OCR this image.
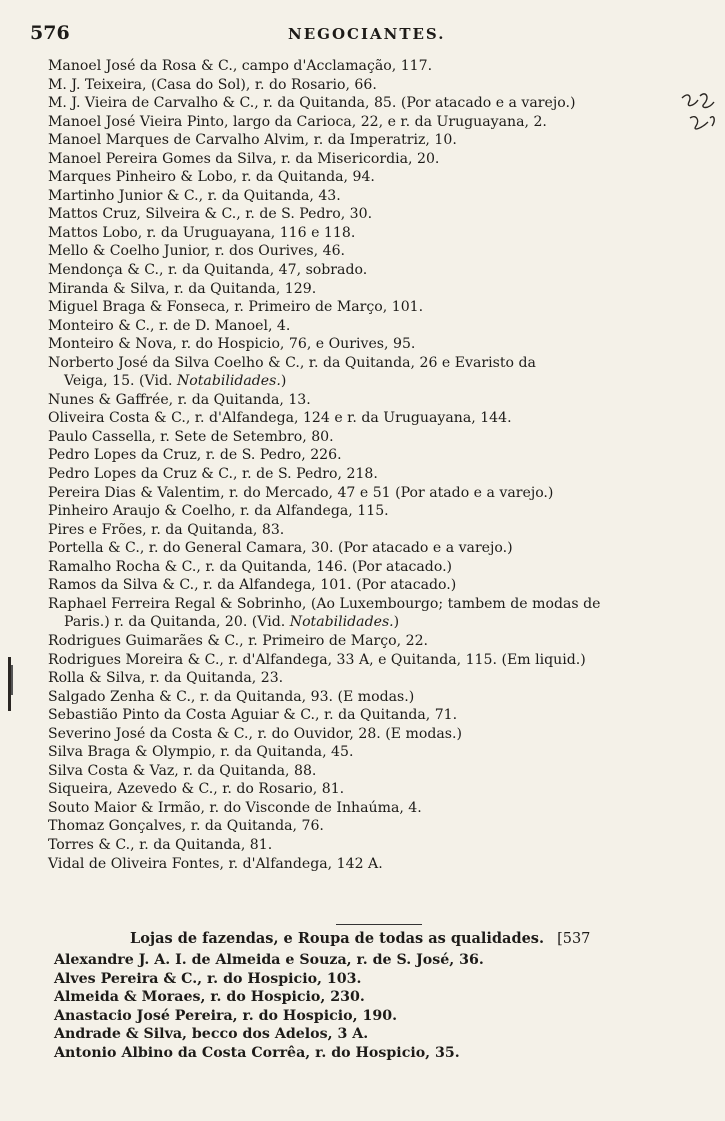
576	NEGOCIANTES.
Manoel José da Rosa & C., campo d'Acclamação, 117.
M. J. Teixeira, (Casa do Sol), r. do Rosario, 66.
M. J. Vieira de Carvalho & C., r. da Quitanda, 85. (Por atacado e a varejo.)
Manoel José Vieira Pinto, largo da Carioca, 22, e r. da Uruguayana, 2.
Manoel Marques de Carvalho Alvim, r. da Imperatriz, 10.
Manoel Pereira Gomes da Silva, r. da Misericordia, 20.
Marques Pinheiro & Lobo, r. da Quitanda, 94.
Martinho Junior & C., r. da Quitanda, 43.
Mattos Cruz, Silveira & C., r. de S. Pedro, 30.
Mattos Lobo, r. da Uruguayana, 116 e 118.
Mello & Coelho Junior, r. dos Ourives, 46.
Mendonça & C., r. da Quitanda, 47, sobrado.
Miranda & Silva, r. da Quitanda, 129.
Miguel Braga & Fonseca, r. Primeiro de Março, 101.
Monteiro & C., r. de D. Manoel, 4.
Monteiro & Nova, r. do Hospicio, 76, e Ourives, 95.
Norberto José da Silva Coelho & C., r. da Quitanda, 26 e Evaristo da
Veiga, 15. (Vid. Notabilidades.)
Nunes & Gaffrée, r. da Quitanda, 13.
Oliveira Costa & C., r. d'Alfandega, 124 e r. da Uruguayana, 144.
Paulo Cassella, r. Sete de Setembro, 80.
Pedro Lopes da Cruz, r. de S. Pedro, 226.
Pedro Lopes da Cruz & C., r. de S. Pedro, 218.
Pereira Dias & Valentim, r. do Mercado, 47 e 51 (Por atado e a varejo.)
Pinheiro Araujo & Coelho, r. da Alfandega, 115.
Pires e Frões, r. da Quitanda, 83.
Portella & C., r. do General Camara, 30. (Por atacado e a varejo.)
Ramalho Rocha & C., r. da Quitanda, 146. (Por atacado.)
Ramos da Silva & C., r. da Alfandega, 101. (Por atacado.)
Raphael Ferreira Regal & Sobrinho, (Ao Luxembourgo; tambem de modas de
Paris.) r. da Quitanda, 20. (Vid. Notabilidades.)
Rodrigues Guimarães & C., r. Primeiro de Março, 22.
Rodrigues Moreira & C., r. d'Alfandega, 33 A, e Quitanda, 115. (Em liquid.)
Rolla & Silva, r. da Quitanda, 23.
Salgado Zenha & C., r. da Quitanda, 93. (E modas.)
Sebastião Pinto da Costa Aguiar & C., r. da Quitanda, 71.
Severino José da Costa & C., r. do Ouvidor, 28. (E modas.)
Silva Braga & Olympio, r. da Quitanda, 45.
Silva Costa & Vaz, r. da Quitanda, 88.
Siqueira, Azevedo & C., r. do Rosario, 81.
Souto Maior & Irmão, r. do Visconde de Inhaúma, 4.
Thomaz Gonçalves, r. da Quitanda, 76.
Torres & C., r. da Quitanda, 81.
Vidal de Oliveira Fontes, r. d'Alfandega, 142 A.
Lojas de fazendas, e Roupa de todas as qualidades. [537
Alexandre J. A. I. de Almeida e Souza, r. de S. José, 36.
Alves Pereira & C., r. do Hospicio, 103.
Almeida & Moraes, r. do Hospicio, 230.
Anastacio José Pereira, r. do Hospicio, 190.
Andrade & Silva, becco dos Adelos, 3 A.
Antonio Albino da Costa Corrêa, r. do Hospicio, 35.
